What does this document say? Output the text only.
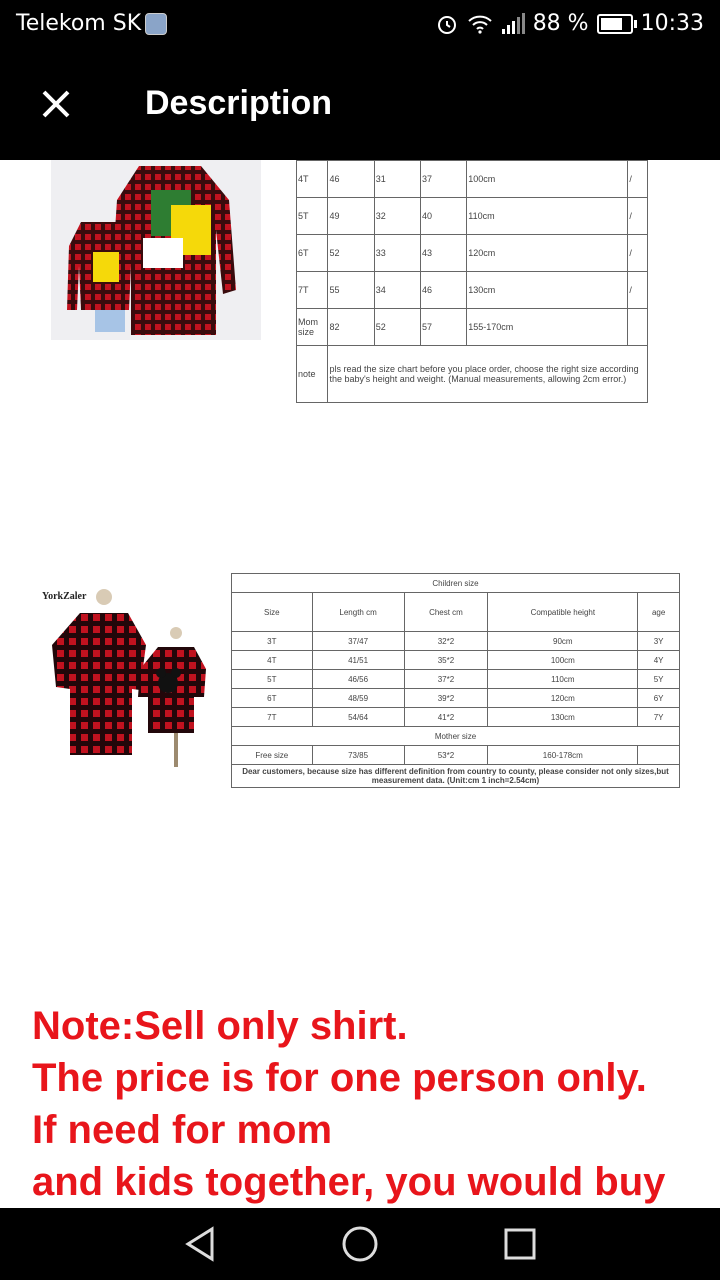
Telekom SK	88 % 10:33
Description
4T	46	31	37	100cm	/
5T	49	32	40	110cm	/
6T	52	33	43	120cm	/
7T	55	34	46	130cm	/
Mom size	82	52	57	155-170cm	
note	pls read the size chart before you place order, choose the right size according the baby's height and weight. (Manual measurements, allowing 2cm error.)				
YorkZaler
Children size				
Size	Length cm	Chest cm	Compatible height	age
3T	37/47	32*2	90cm	3Y
4T	41/51	35*2	100cm	4Y
5T	46/56	37*2	110cm	5Y
6T	48/59	39*2	120cm	6Y
7T	54/64	41*2	130cm	7Y
Mother size				
Free size	73/85	53*2	160-178cm	
Dear customers, because size has different definition from country to county, please consider not only sizes,but measurement data. (Unit:cm 1 inch=2.54cm)				
Note:Sell only shirt.
The price is for one person only.
If need for mom
and kids together, you would buy
